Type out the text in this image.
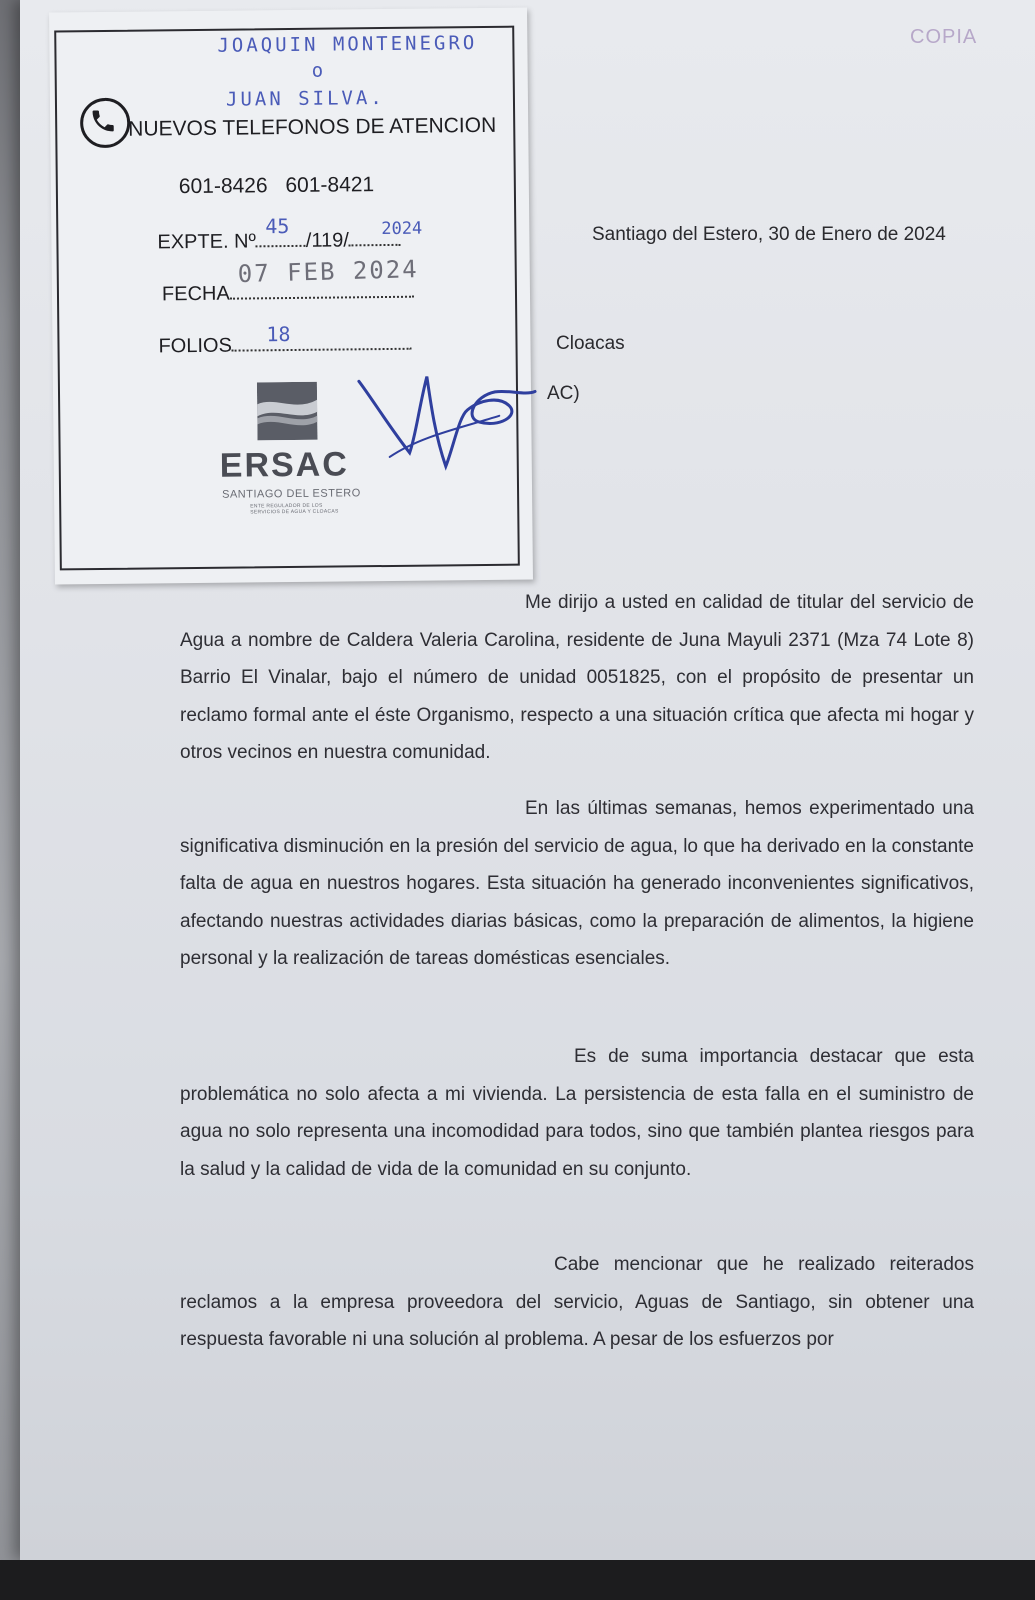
COPIA
Santiago del Estero, 30 de Enero de 2024
Cloacas
AC)

Me dirijo a usted en calidad de titular del servicio de Agua a nombre de Caldera Valeria Carolina, residente de Juna Mayuli 2371 (Mza 74 Lote 8) Barrio El Vinalar, bajo el número de unidad 0051825, con el propósito de presentar un reclamo formal ante el éste Organismo, respecto a una situación crítica que afecta mi hogar y otros vecinos en nuestra comunidad.

En las últimas semanas, hemos experimentado una significativa disminución en la presión del servicio de agua, lo que ha derivado en la constante falta de agua en nuestros hogares. Esta situación ha generado inconvenientes significativos, afectando nuestras actividades diarias básicas, como la preparación de alimentos, la higiene personal y la realización de tareas domésticas esenciales.

Es de suma importancia destacar que esta problemática no solo afecta a mi vivienda. La persistencia de esta falla en el suministro de agua no solo representa una incomodidad para todos, sino que también plantea riesgos para la salud y la calidad de vida de la comunidad en su conjunto.

Cabe mencionar que he realizado reiterados reclamos a la empresa proveedora del servicio, Aguas de Santiago, sin obtener una respuesta favorable ni una solución al problema. A pesar de los esfuerzos por

JOAQUIN MONTENEGRO
o
JUAN SILVA.
NUEVOS TELEFONOS DE ATENCION
601-8426 601-8421
EXPTE. Nº /119/
45	2024
07 FEB 2024
FECHA
FOLIOS	18
ERSAC
SANTIAGO DEL ESTERO
ENTE REGULADOR DE LOS SERVICIOS DE AGUA Y CLOACAS
